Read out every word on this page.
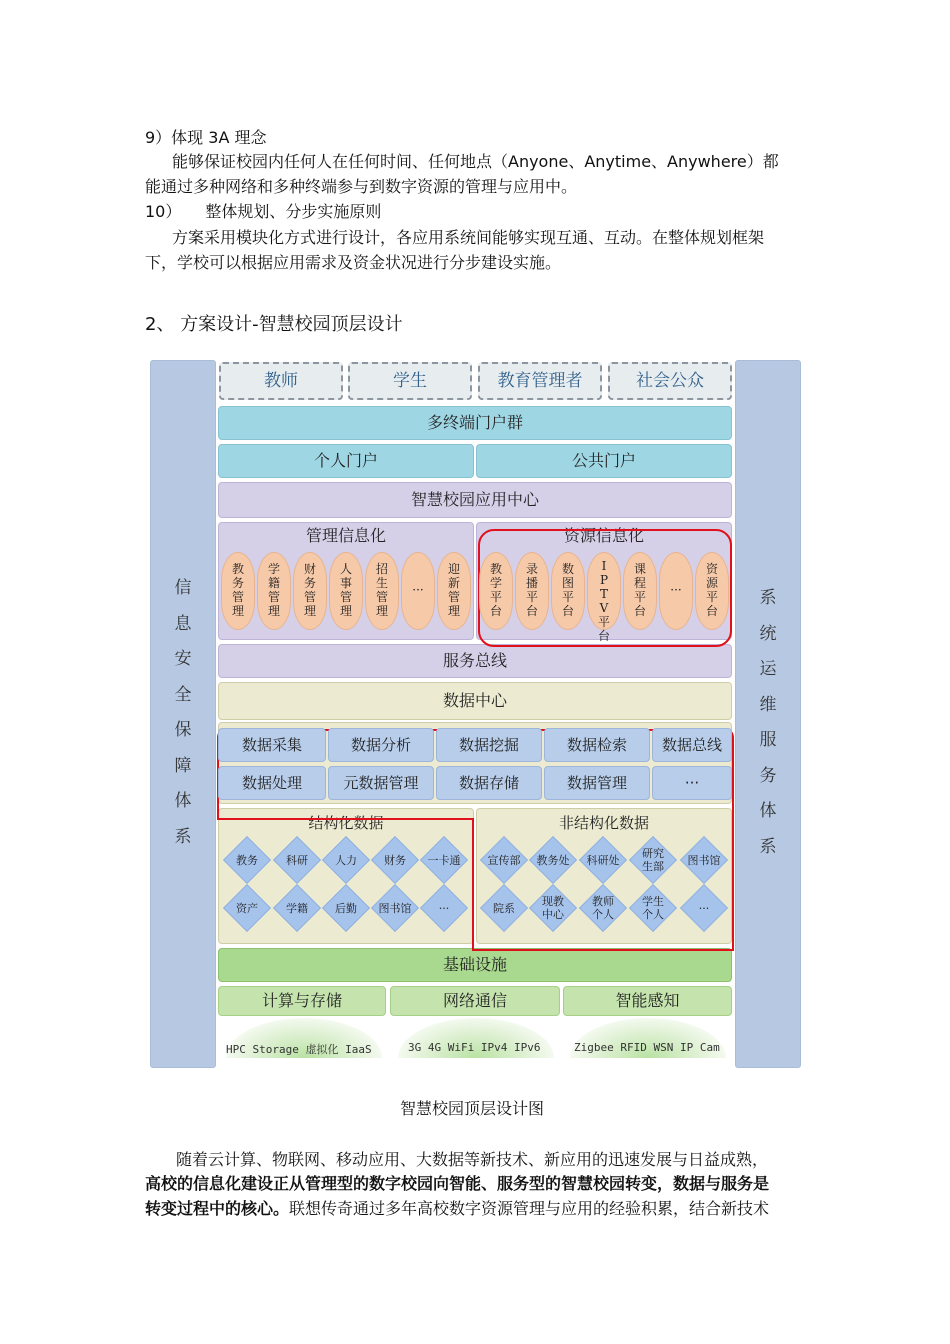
9）体现 3A 理念
能够保证校园内任何人在任何时间、任何地点（Anyone、Anytime、Anywhere）都
能通过多种网络和多种终端参与到数字资源的管理与应用中。
10）　　整体规划、分步实施原则
方案采用模块化方式进行设计，各应用系统间能够实现互通、互动。在整体规划框架
下，学校可以根据应用需求及资金状况进行分步建设实施。
2、 方案设计-智慧校园顶层设计
信
息
安
全
保
障
体
系
系
统
运
维
服
务
体
系
教师	学生	教育管理者	社会公众
多终端门户群
个人门户	公共门户
智慧校园应用中心
管理信息化	资源信息化
服务总线
数据中心
结构化数据	非结构化数据
基础设施
计算与存储	网络通信	智能感知
HPC Storage 虚拟化 IaaS	3G 4G WiFi IPv4 IPv6	Zigbee RFID WSN IP Cam
教
务
管
理
学
籍
管
理
财
务
管
理
人
事
管
理
招
生
管
理
···
迎
新
管
理
教
学
平
台
录
播
平
台
数
图
平
台
I
P
T
V
平
台
课
程
平
台
···
资
源
平
台
数据采集	数据分析	数据挖掘	数据检索	数据总线
数据处理	元数据管理	数据存储	数据管理	···
教务	科研	人力	财务	一卡通
资产	学籍	后勤	图书馆	···
宣传部	教务处	科研处	研究
生部	图书馆
院系	现教
中心
教师
个人
学生
个人	···
智慧校园顶层设计图
随着云计算、物联网、移动应用、大数据等新技术、新应用的迅速发展与日益成熟，
高校的信息化建设正从管理型的数字校园向智能、服务型的智慧校园转变，数据与服务是
转变过程中的核心。联想传奇通过多年高校数字资源管理与应用的经验积累，结合新技术
